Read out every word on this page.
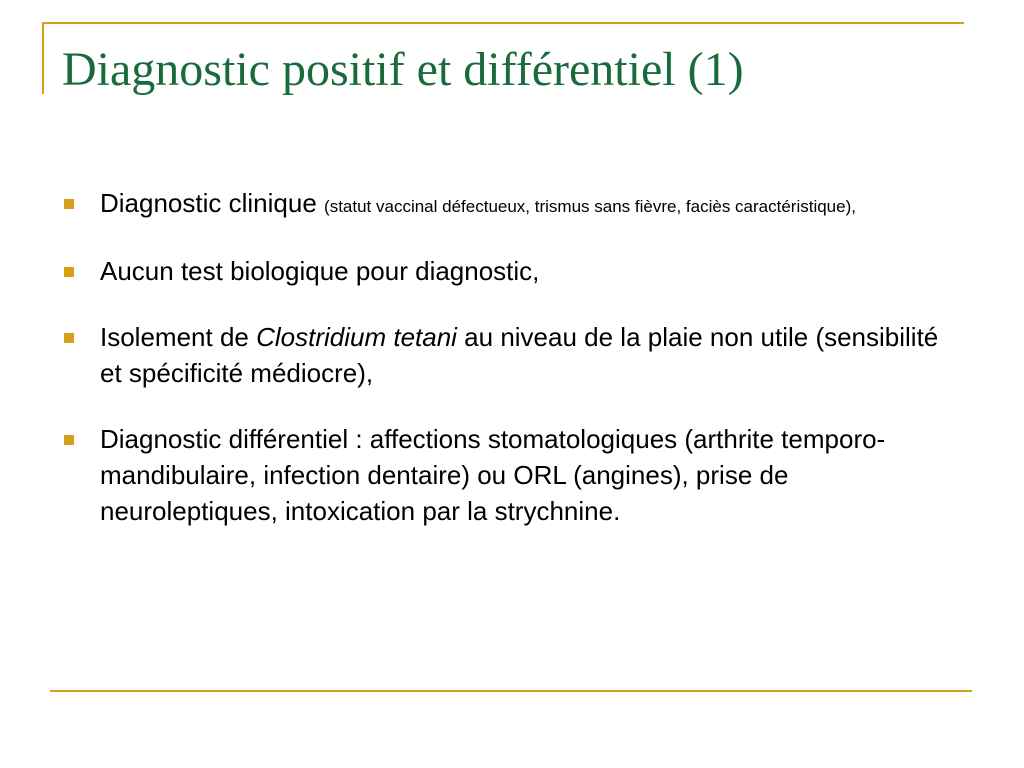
Diagnostic positif et différentiel (1)
Diagnostic clinique (statut vaccinal défectueux, trismus sans fièvre, faciès caractéristique),
Aucun test biologique pour diagnostic,
Isolement de Clostridium tetani au niveau de la plaie non utile (sensibilité et spécificité médiocre),
Diagnostic différentiel : affections stomatologiques (arthrite temporo-mandibulaire, infection dentaire) ou ORL (angines), prise de neuroleptiques, intoxication par la strychnine.
